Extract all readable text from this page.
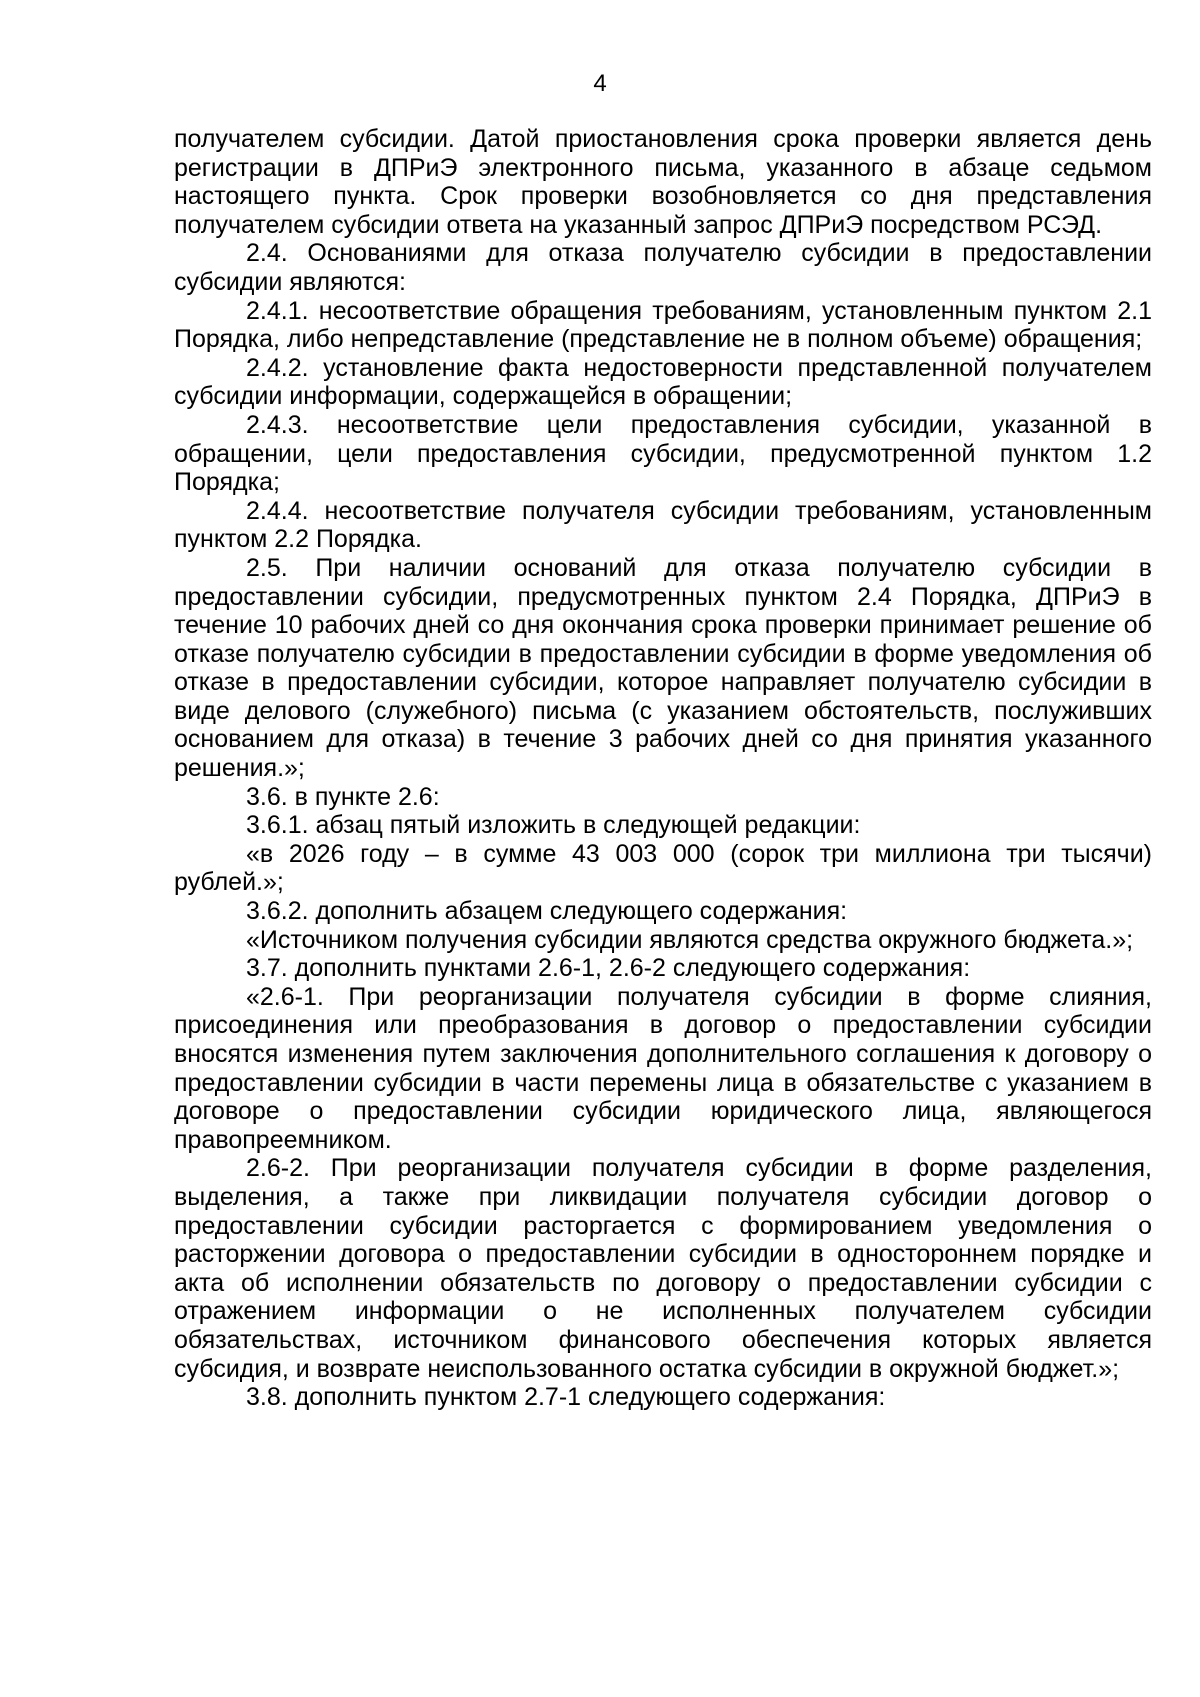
4

получателем субсидии. Датой приостановления срока проверки является день регистрации в ДПРиЭ электронного письма, указанного в абзаце седьмом настоящего пункта. Срок проверки возобновляется со дня представления получателем субсидии ответа на указанный запрос ДПРиЭ посредством РСЭД.

2.4. Основаниями для отказа получателю субсидии в предоставлении субсидии являются:

2.4.1. несоответствие обращения требованиям, установленным пунктом 2.1 Порядка, либо непредставление (представление не в полном объеме) обращения;

2.4.2. установление факта недостоверности представленной получателем субсидии информации, содержащейся в обращении;

2.4.3. несоответствие цели предоставления субсидии, указанной в обращении, цели предоставления субсидии, предусмотренной пунктом 1.2 Порядка;

2.4.4. несоответствие получателя субсидии требованиям, установленным пунктом 2.2 Порядка.

2.5. При наличии оснований для отказа получателю субсидии в предоставлении субсидии, предусмотренных пунктом 2.4 Порядка, ДПРиЭ в течение 10 рабочих дней со дня окончания срока проверки принимает решение об отказе получателю субсидии в предоставлении субсидии в форме уведомления об отказе в предоставлении субсидии, которое направляет получателю субсидии в виде делового (служебного) письма (с указанием обстоятельств, послуживших основанием для отказа) в течение 3 рабочих дней со дня принятия указанного решения.»;

3.6. в пункте 2.6:

3.6.1. абзац пятый изложить в следующей редакции:

«в 2026 году – в сумме 43 003 000 (сорок три миллиона три тысячи) рублей.»;

3.6.2. дополнить абзацем следующего содержания:

«Источником получения субсидии являются средства окружного бюджета.»;

3.7. дополнить пунктами 2.6-1, 2.6-2 следующего содержания:

«2.6-1. При реорганизации получателя субсидии в форме слияния, присоединения или преобразования в договор о предоставлении субсидии вносятся изменения путем заключения дополнительного соглашения к договору о предоставлении субсидии в части перемены лица в обязательстве с указанием в договоре о предоставлении субсидии юридического лица, являющегося правопреемником.

2.6-2. При реорганизации получателя субсидии в форме разделения, выделения, а также при ликвидации получателя субсидии договор о предоставлении субсидии расторгается с формированием уведомления о расторжении договора о предоставлении субсидии в одностороннем порядке и акта об исполнении обязательств по договору о предоставлении субсидии с отражением информации о не исполненных получателем субсидии обязательствах, источником финансового обеспечения которых является субсидия, и возврате неиспользованного остатка субсидии в окружной бюджет.»;

3.8. дополнить пунктом 2.7-1 следующего содержания:
